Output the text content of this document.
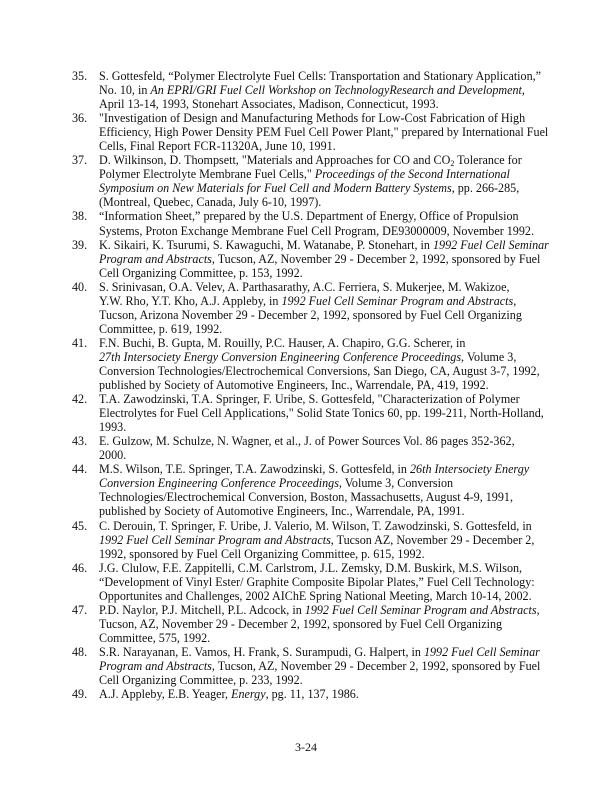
35. S. Gottesfeld, “Polymer Electrolyte Fuel Cells: Transportation and Stationary Application,”
No. 10, in An EPRI/GRI Fuel Cell Workshop on TechnologyResearch and Development,
April 13-14, 1993, Stonehart Associates, Madison, Connecticut, 1993.
36. "Investigation of Design and Manufacturing Methods for Low-Cost Fabrication of High
Efficiency, High Power Density PEM Fuel Cell Power Plant," prepared by International Fuel
Cells, Final Report FCR-11320A, June 10, 1991.
37. D. Wilkinson, D. Thompsett, "Materials and Approaches for CO and $CO_2$ Tolerance for
Polymer Electrolyte Membrane Fuel Cells," Proceedings of the Second International
Symposium on New Materials for Fuel Cell and Modern Battery Systems, pp. 266-285,
(Montreal, Quebec, Canada, July 6-10, 1997).
38. “Information Sheet,” prepared by the U.S. Department of Energy, Office of Propulsion
Systems, Proton Exchange Membrane Fuel Cell Program, DE93000009, November 1992.
39. K. Sikairi, K. Tsurumi, S. Kawaguchi, M. Watanabe, P. Stonehart, in 1992 Fuel Cell Seminar
Program and Abstracts, Tucson, AZ, November 29 - December 2, 1992, sponsored by Fuel
Cell Organizing Committee, p. 153, 1992.
40. S. Srinivasan, O.A. Velev, A. Parthasarathy, A.C. Ferriera, S. Mukerjee, M. Wakizoe,
Y.W. Rho, Y.T. Kho, A.J. Appleby, in 1992 Fuel Cell Seminar Program and Abstracts,
Tucson, Arizona November 29 - December 2, 1992, sponsored by Fuel Cell Organizing
Committee, p. 619, 1992.
41. F.N. Buchi, B. Gupta, M. Rouilly, P.C. Hauser, A. Chapiro, G.G. Scherer, in
27th Intersociety Energy Conversion Engineering Conference Proceedings, Volume 3,
Conversion Technologies/Electrochemical Conversions, San Diego, CA, August 3-7, 1992,
published by Society of Automotive Engineers, Inc., Warrendale, PA, 419, 1992.
42. T.A. Zawodzinski, T.A. Springer, F. Uribe, S. Gottesfeld, "Characterization of Polymer
Electrolytes for Fuel Cell Applications," Solid State Tonics 60, pp. 199-211, North-Holland,
1993.
43. E. Gulzow, M. Schulze, N. Wagner, et al., J. of Power Sources Vol. 86 pages 352-362,
2000.
44. M.S. Wilson, T.E. Springer, T.A. Zawodzinski, S. Gottesfeld, in 26th Intersociety Energy
Conversion Engineering Conference Proceedings, Volume 3, Conversion
Technologies/Electrochemical Conversion, Boston, Massachusetts, August 4-9, 1991,
published by Society of Automotive Engineers, Inc., Warrendale, PA, 1991.
45. C. Derouin, T. Springer, F. Uribe, J. Valerio, M. Wilson, T. Zawodzinski, S. Gottesfeld, in
1992 Fuel Cell Seminar Program and Abstracts, Tucson AZ, November 29 - December 2,
1992, sponsored by Fuel Cell Organizing Committee, p. 615, 1992.
46. J.G. Clulow, F.E. Zappitelli, C.M. Carlstrom, J.L. Zemsky, D.M. Buskirk, M.S. Wilson,
“Development of Vinyl Ester/ Graphite Composite Bipolar Plates,” Fuel Cell Technology:
Opportunites and Challenges, 2002 AIChE Spring National Meeting, March 10-14, 2002.
47. P.D. Naylor, P.J. Mitchell, P.L. Adcock, in 1992 Fuel Cell Seminar Program and Abstracts,
Tucson, AZ, November 29 - December 2, 1992, sponsored by Fuel Cell Organizing
Committee, 575, 1992.
48. S.R. Narayanan, E. Vamos, H. Frank, S. Surampudi, G. Halpert, in 1992 Fuel Cell Seminar
Program and Abstracts, Tucson, AZ, November 29 - December 2, 1992, sponsored by Fuel
Cell Organizing Committee, p. 233, 1992.
49. A.J. Appleby, E.B. Yeager, Energy, pg. 11, 137, 1986.
3-24
